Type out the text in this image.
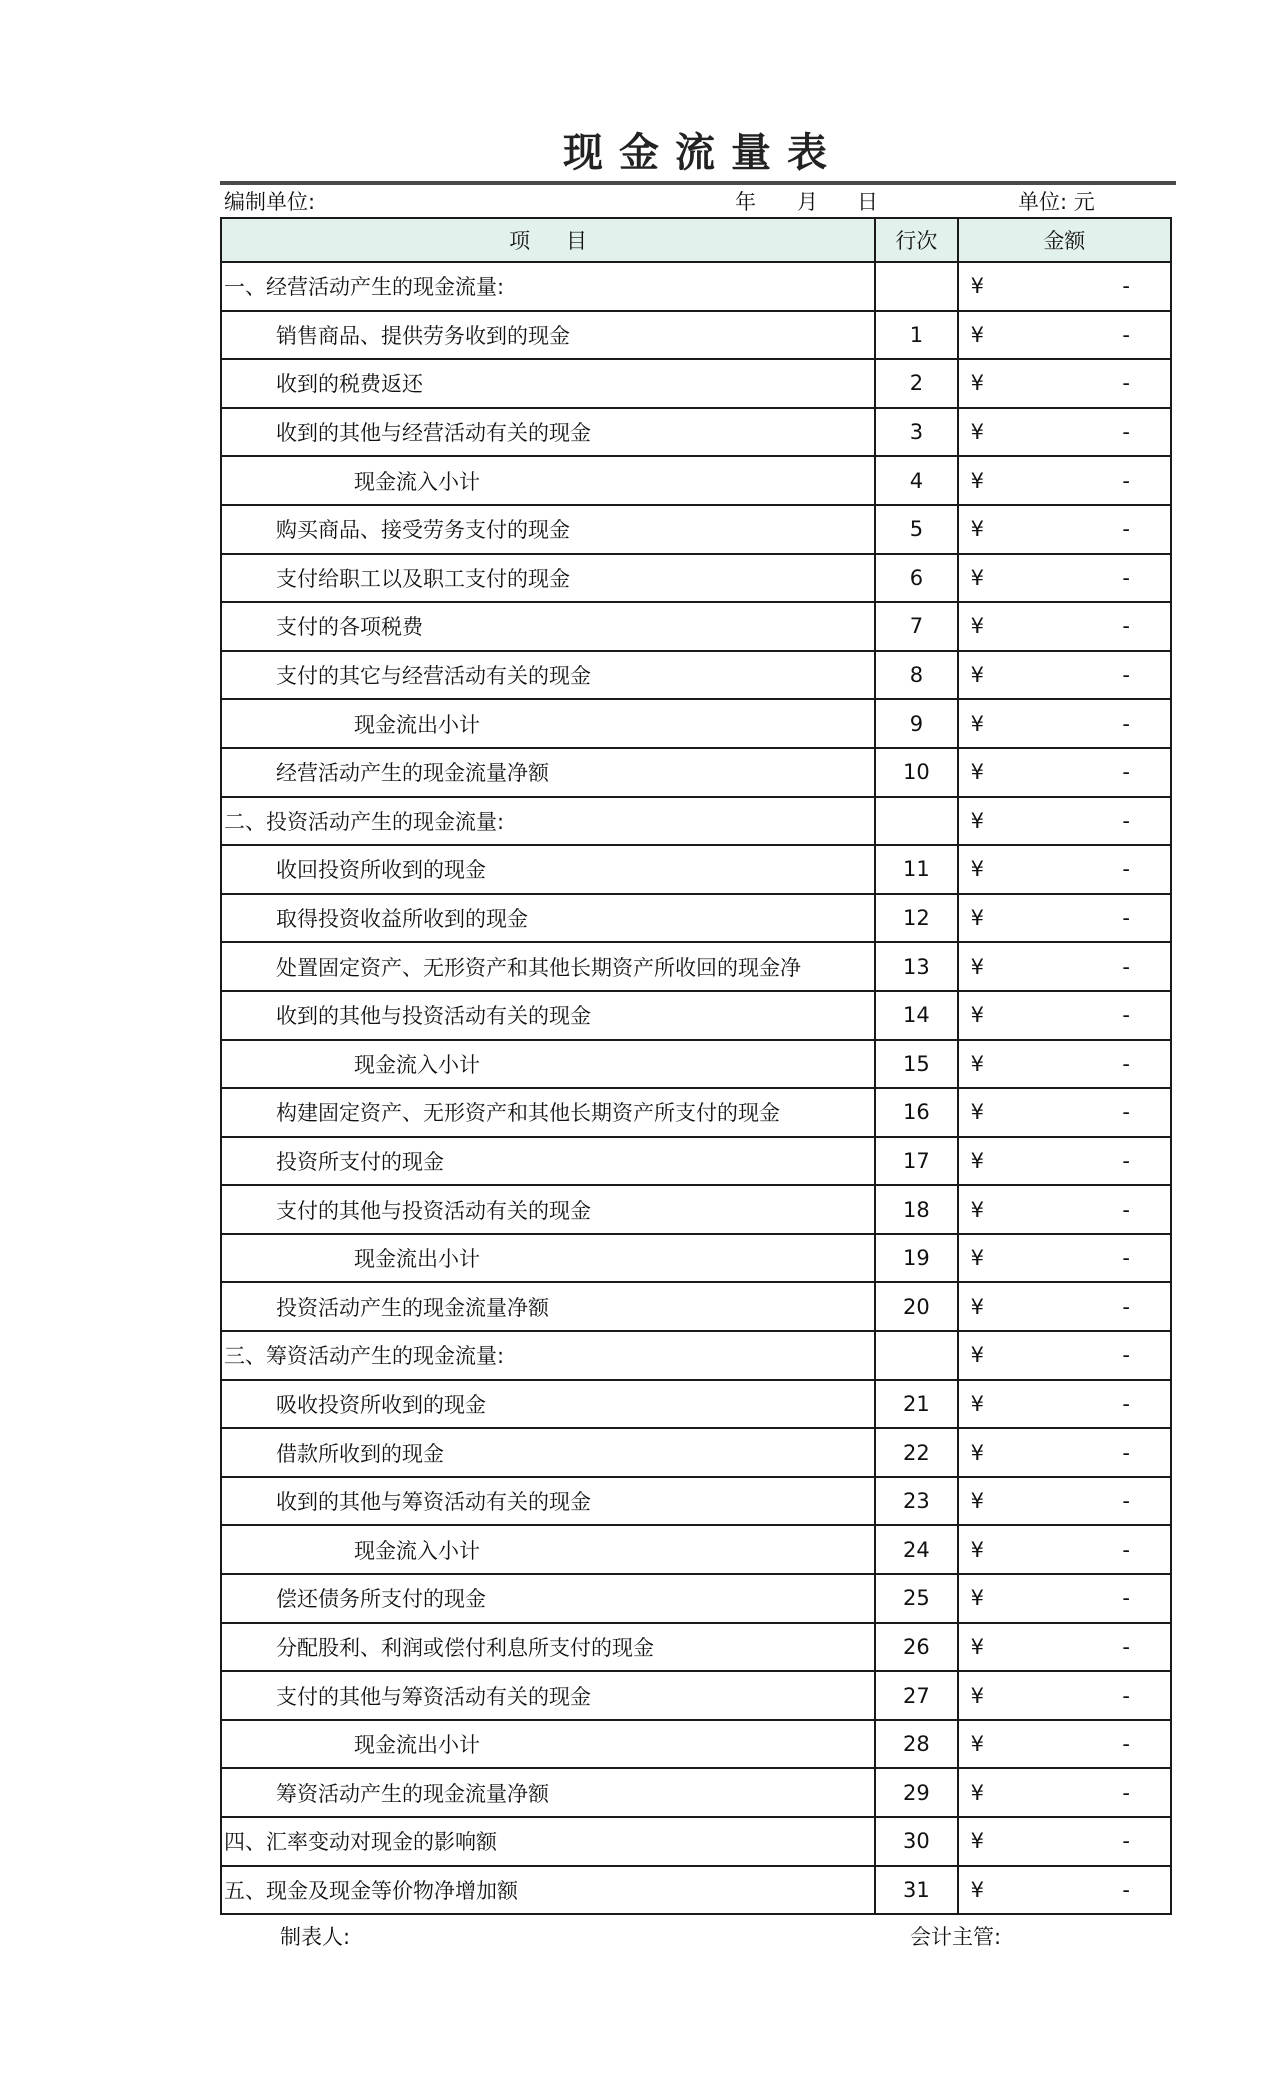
现金流量表
编制单位:	年 月 日	单位: 元
项目	行次	金额

一、经营活动产生的现金流量:		¥ -

销售商品、提供劳务收到的现金	1	¥ -

收到的税费返还	2	¥ -

收到的其他与经营活动有关的现金	3	¥ -

现金流入小计	4	¥ -

购买商品、接受劳务支付的现金	5	¥ -

支付给职工以及职工支付的现金	6	¥ -

支付的各项税费	7	¥ -

支付的其它与经营活动有关的现金	8	¥ -

现金流出小计	9	¥ -

经营活动产生的现金流量净额	10	¥ -

二、投资活动产生的现金流量:		¥ -

收回投资所收到的现金	11	¥ -

取得投资收益所收到的现金	12	¥ -

处置固定资产、无形资产和其他长期资产所收回的现金净	13	¥ -

收到的其他与投资活动有关的现金	14	¥ -

现金流入小计	15	¥ -

构建固定资产、无形资产和其他长期资产所支付的现金	16	¥ -

投资所支付的现金	17	¥ -

支付的其他与投资活动有关的现金	18	¥ -

现金流出小计	19	¥ -

投资活动产生的现金流量净额	20	¥ -

三、筹资活动产生的现金流量:		¥ -

吸收投资所收到的现金	21	¥ -

借款所收到的现金	22	¥ -

收到的其他与筹资活动有关的现金	23	¥ -

现金流入小计	24	¥ -

偿还债务所支付的现金	25	¥ -

分配股利、利润或偿付利息所支付的现金	26	¥ -

支付的其他与筹资活动有关的现金	27	¥ -

现金流出小计	28	¥ -

筹资活动产生的现金流量净额	29	¥ -

四、汇率变动对现金的影响额	30	¥ -

五、现金及现金等价物净增加额	31	¥ -
制表人:	会计主管:
